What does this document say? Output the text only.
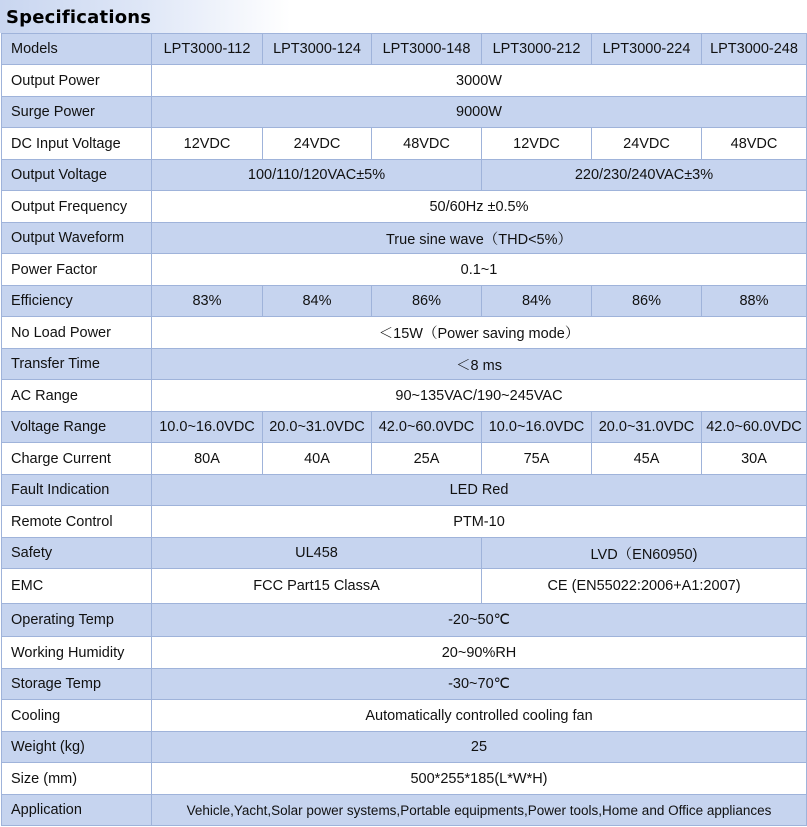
Specifications
Models	LPT3000-112	LPT3000-124	LPT3000-148	LPT3000-212	LPT3000-224	LPT3000-248
Output Power	3000W					
Surge Power	9000W					
DC Input Voltage	12VDC	24VDC	48VDC	12VDC	24VDC	48VDC
Output Voltage	100/110/120VAC±5%			220/230/240VAC±3%		
Output Frequency	50/60Hz ±0.5%					
Output Waveform	True sine wave（THD<5%）					
Power Factor	0.1~1					
Efficiency	83%	84%	86%	84%	86%	88%
No Load Power	＜15W（Power saving mode）					
Transfer Time	＜8 ms					
AC Range	90~135VAC/190~245VAC					
Voltage Range	10.0~16.0VDC	20.0~31.0VDC	42.0~60.0VDC	10.0~16.0VDC	20.0~31.0VDC	42.0~60.0VDC
Charge Current	80A	40A	25A	75A	45A	30A
Fault Indication	LED Red					
Remote Control	PTM-10					
Safety	UL458			LVD（EN60950)		
EMC	FCC Part15 ClassA			CE (EN55022:2006+A1:2007)		
Operating Temp	-20~50℃					
Working Humidity	20~90%RH					
Storage Temp	-30~70℃					
Cooling	Automatically controlled cooling fan					
Weight (kg)	25					
Size (mm)	500*255*185(L*W*H)					
Application	Vehicle,Yacht,Solar power systems,Portable equipments,Power tools,Home and Office appliances					
